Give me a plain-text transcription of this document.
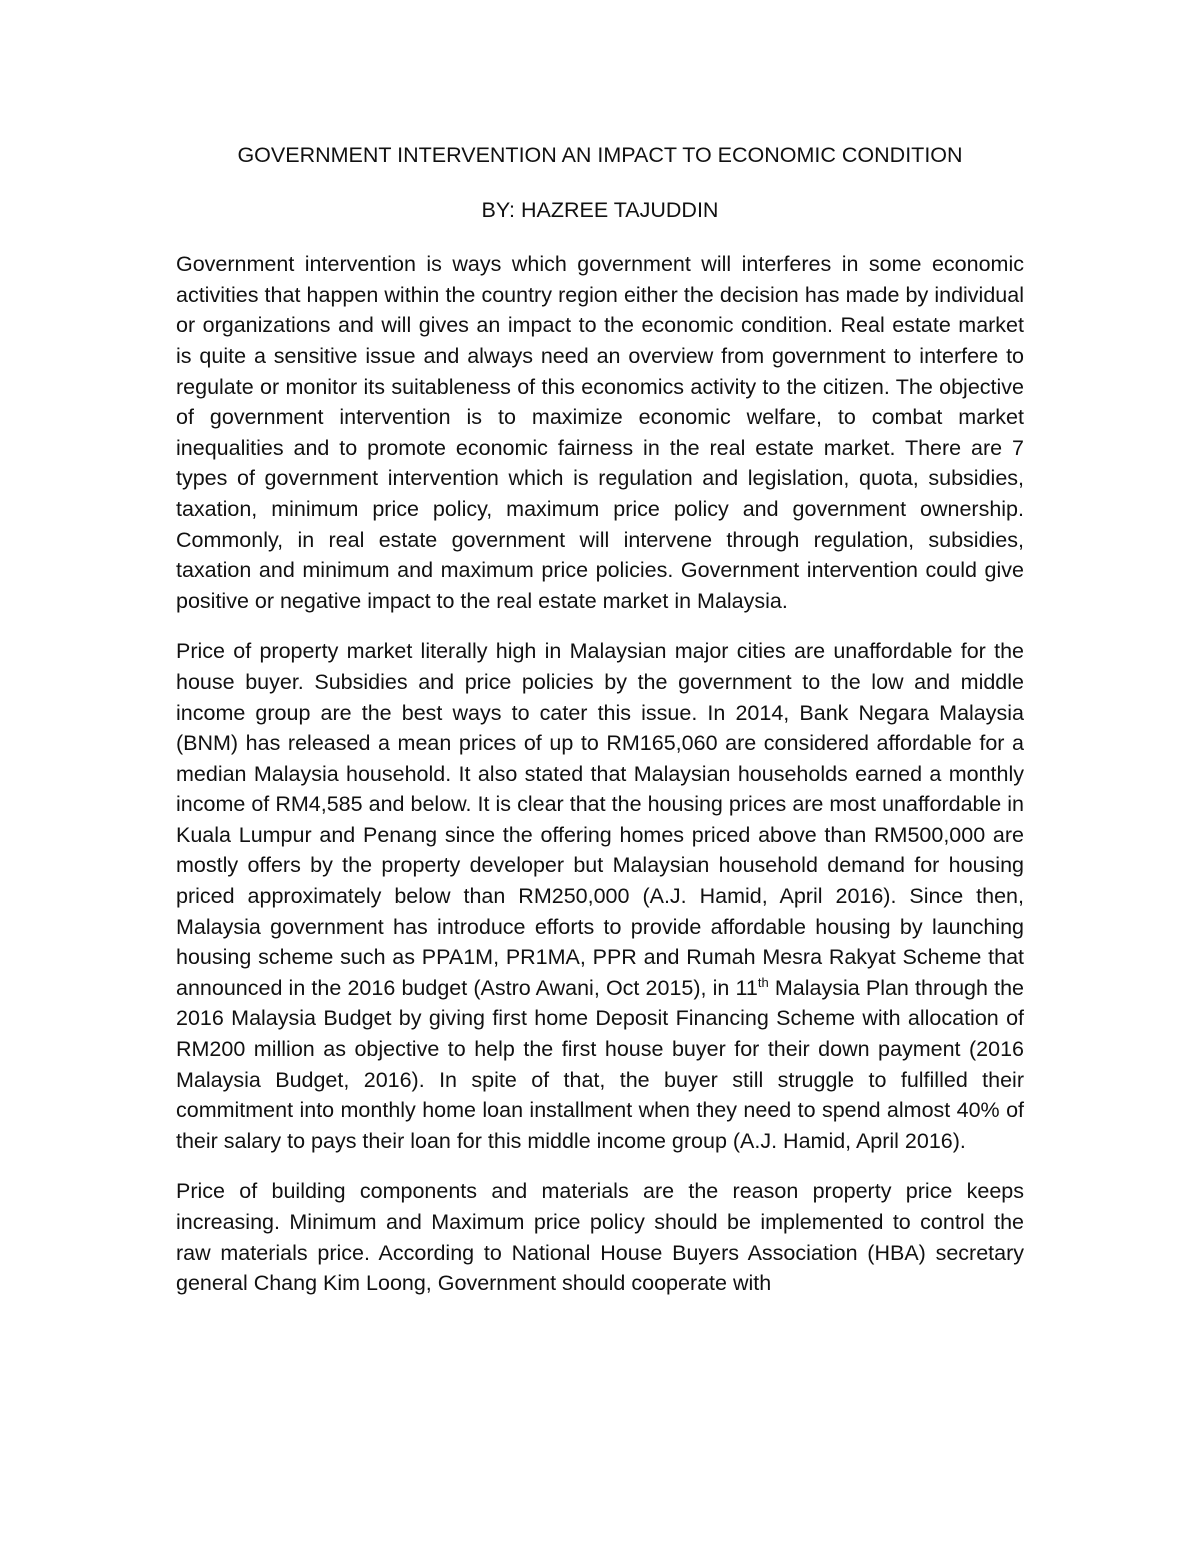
GOVERNMENT INTERVENTION AN IMPACT TO ECONOMIC CONDITION

BY: HAZREE TAJUDDIN

Government intervention is ways which government will interferes in some economic activities that happen within the country region either the decision has made by individual or organizations and will gives an impact to the economic condition. Real estate market is quite a sensitive issue and always need an overview from government to interfere to regulate or monitor its suitableness of this economics activity to the citizen. The objective of government intervention is to maximize economic welfare, to combat market inequalities and to promote economic fairness in the real estate market. There are 7 types of government intervention which is regulation and legislation, quota, subsidies, taxation, minimum price policy, maximum price policy and government ownership. Commonly, in real estate government will intervene through regulation, subsidies, taxation and minimum and maximum price policies. Government intervention could give positive or negative impact to the real estate market in Malaysia.

Price of property market literally high in Malaysian major cities are unaffordable for the house buyer. Subsidies and price policies by the government to the low and middle income group are the best ways to cater this issue. In 2014, Bank Negara Malaysia (BNM) has released a mean prices of up to RM165,060 are considered affordable for a median Malaysia household. It also stated that Malaysian households earned a monthly income of RM4,585 and below. It is clear that the housing prices are most unaffordable in Kuala Lumpur and Penang since the offering homes priced above than RM500,000 are mostly offers by the property developer but Malaysian household demand for housing priced approximately below than RM250,000 (A.J. Hamid, April 2016). Since then, Malaysia government has introduce efforts to provide affordable housing by launching housing scheme such as PPA1M, PR1MA, PPR and Rumah Mesra Rakyat Scheme that announced in the 2016 budget (Astro Awani, Oct 2015), in 11th Malaysia Plan through the 2016 Malaysia Budget by giving first home Deposit Financing Scheme with allocation of RM200 million as objective to help the first house buyer for their down payment (2016 Malaysia Budget, 2016). In spite of that, the buyer still struggle to fulfilled their commitment into monthly home loan installment when they need to spend almost 40% of their salary to pays their loan for this middle income group (A.J. Hamid, April 2016).

Price of building components and materials are the reason property price keeps increasing. Minimum and Maximum price policy should be implemented to control the raw materials price. According to National House Buyers Association (HBA) secretary general Chang Kim Loong, Government should cooperate with
